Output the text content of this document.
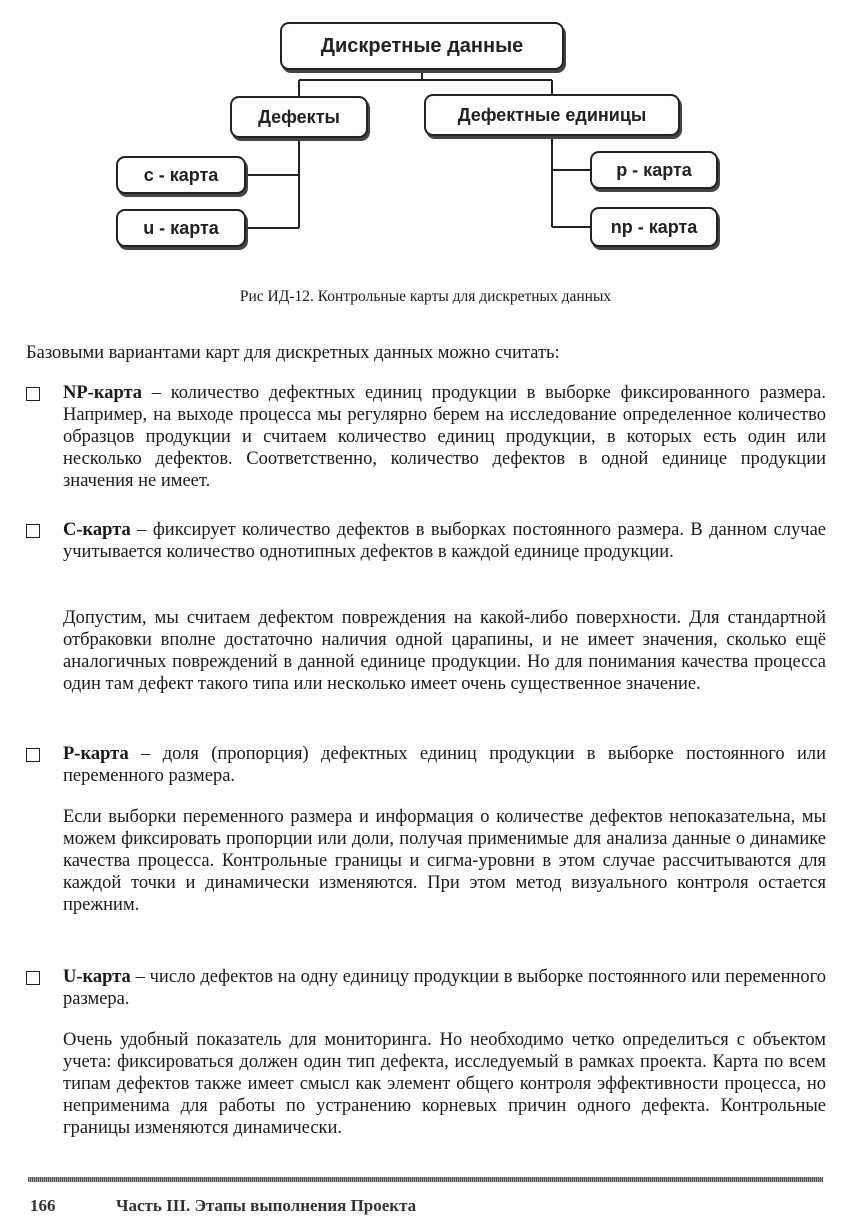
Дискретные данные
Дефекты	Дефектные единицы
c - карта
u - карта
p - карта
np - карта
Рис ИД-12. Контрольные карты для дискретных данных
Базовыми вариантами карт для дискретных данных можно считать:
NP-карта – количество дефектных единиц продукции в выборке фиксированного размера. Например, на выходе процесса мы регулярно берем на исследование определенное количество образцов продукции и считаем количество единиц продукции, в которых есть один или несколько дефектов. Соответственно, количество дефектов в одной единице продукции значения не имеет.
С-карта – фиксирует количество дефектов в выборках постоянного размера. В данном случае учитывается количество однотипных дефектов в каждой единице продукции.
Допустим, мы считаем дефектом повреждения на какой-либо поверхности. Для стандартной отбраковки вполне достаточно наличия одной царапины, и не имеет значения, сколько ещё аналогичных повреждений в данной единице продукции. Но для понимания качества процесса один там дефект такого типа или несколько имеет очень существенное значение.
Р-карта – доля (пропорция) дефектных единиц продукции в выборке постоянного или переменного размера.
Если выборки переменного размера и информация о количестве дефектов непоказательна, мы можем фиксировать пропорции или доли, получая применимые для анализа данные о динамике качества процесса. Контрольные границы и сигма-уровни в этом случае рассчитываются для каждой точки и динамически изменяются. При этом метод визуального контроля остается прежним.
U-карта – число дефектов на одну единицу продукции в выборке постоянного или переменного размера.
Очень удобный показатель для мониторинга. Но необходимо четко определиться с объектом учета: фиксироваться должен один тип дефекта, исследуемый в рамках проекта. Карта по всем типам дефектов также имеет смысл как элемент общего контроля эффективности процесса, но неприменима для работы по устранению корневых причин одного дефекта. Контрольные границы изменяются динамически.
166	Часть III. Этапы выполнения Проекта
